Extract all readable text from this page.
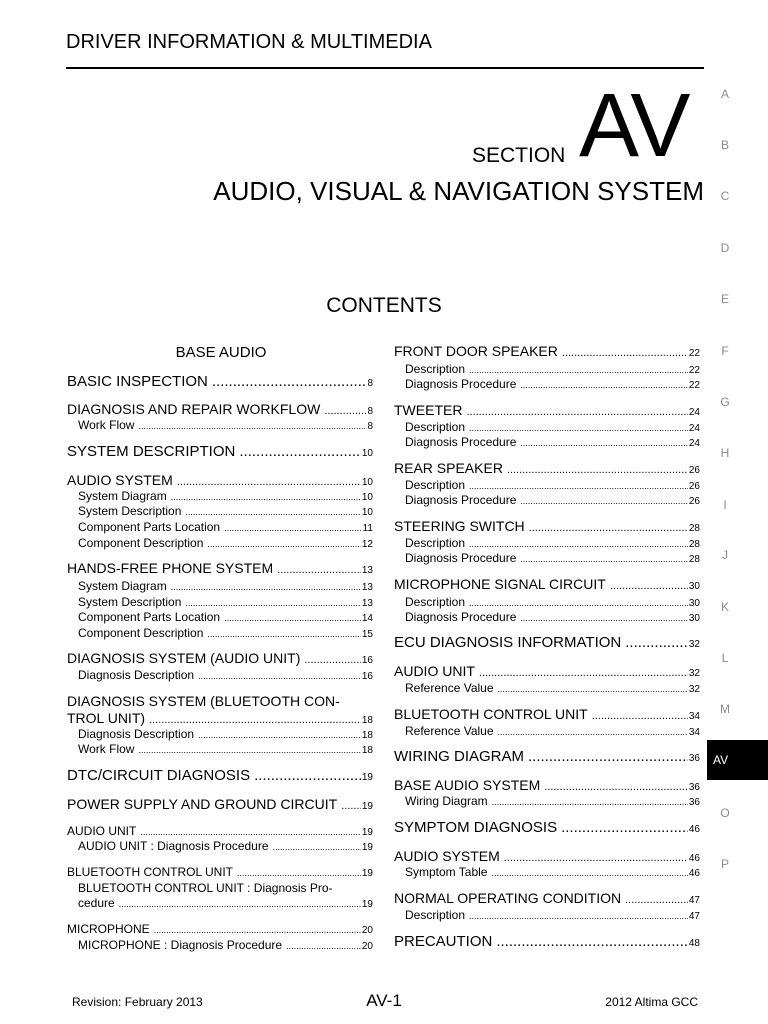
DRIVER INFORMATION & MULTIMEDIA
SECTION AV
AUDIO, VISUAL & NAVIGATION SYSTEM
CONTENTS
BASE AUDIO
BASIC INSPECTION .....	8
DIAGNOSIS AND REPAIR WORKFLOW .....	8
Work Flow .....	8
SYSTEM DESCRIPTION .....	10
AUDIO SYSTEM .....	10
System Diagram .....	10
System Description .....	10
Component Parts Location .....	11
Component Description .....	12
HANDS-FREE PHONE SYSTEM .....	13
System Diagram .....	13
System Description .....	13
Component Parts Location .....	14
Component Description .....	15
DIAGNOSIS SYSTEM (AUDIO UNIT) .....	16
Diagnosis Description .....	16
DIAGNOSIS SYSTEM (BLUETOOTH CON-
TROL UNIT) .....	18
Diagnosis Description .....	18
Work Flow .....	18
DTC/CIRCUIT DIAGNOSIS .....	19
POWER SUPPLY AND GROUND CIRCUIT ..... 19
AUDIO UNIT .....	19
AUDIO UNIT : Diagnosis Procedure .....	19
BLUETOOTH CONTROL UNIT .....	19
BLUETOOTH CONTROL UNIT : Diagnosis Pro-
cedure .....	19
MICROPHONE .....	20
MICROPHONE : Diagnosis Procedure .....	20
FRONT DOOR SPEAKER .....	22
Description .....	22
Diagnosis Procedure .....	22
TWEETER .....	24
Description .....	24
Diagnosis Procedure .....	24
REAR SPEAKER .....	26
Description .....	26
Diagnosis Procedure .....	26
STEERING SWITCH .....	28
Description .....	28
Diagnosis Procedure .....	28
MICROPHONE SIGNAL CIRCUIT .....	30
Description .....	30
Diagnosis Procedure .....	30
ECU DIAGNOSIS INFORMATION .....	32
AUDIO UNIT .....	32
Reference Value .....	32
BLUETOOTH CONTROL UNIT .....	34
Reference Value .....	34
WIRING DIAGRAM .....	36
BASE AUDIO SYSTEM .....	36
Wiring Diagram .....	36
SYMPTOM DIAGNOSIS .....	46
AUDIO SYSTEM .....	46
Symptom Table .....	46
NORMAL OPERATING CONDITION .....	47
Description .....	47
PRECAUTION .....	48
A
B
C
D
E
F
G
H
I
J
K
L
M
O
P
AV
Revision: February 2013	AV-1	2012 Altima GCC
